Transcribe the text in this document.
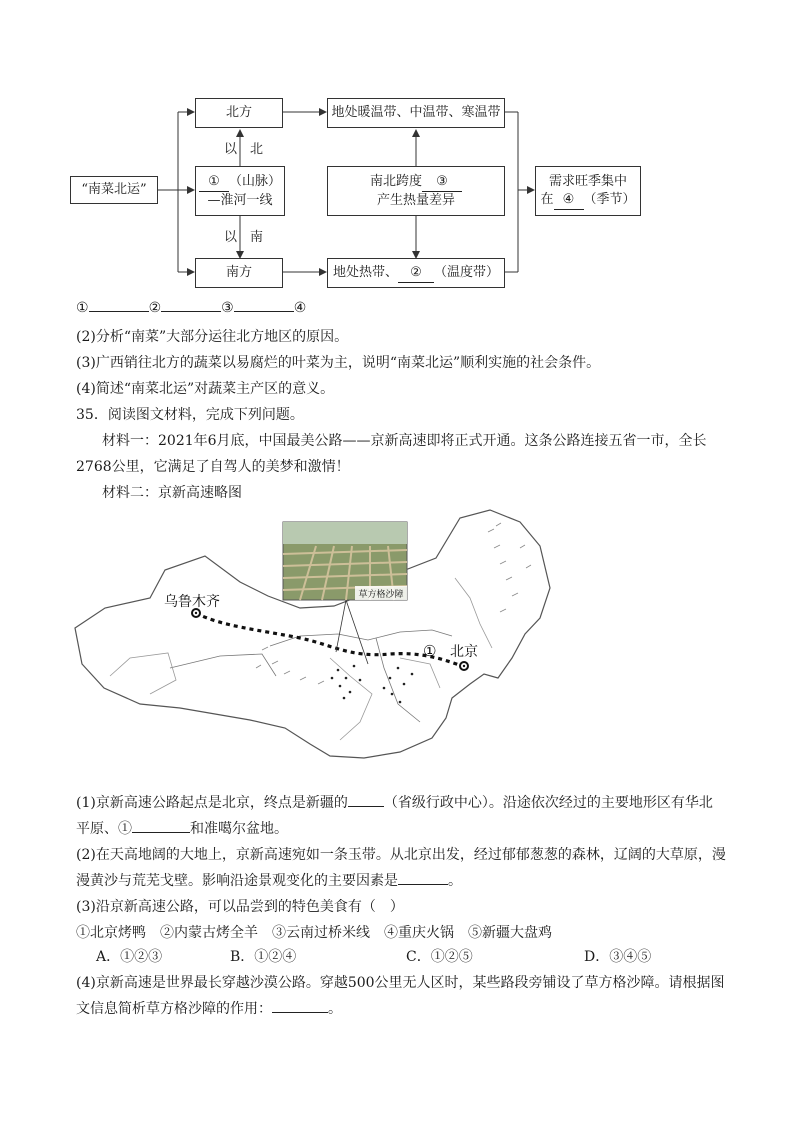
“南菜北运”
北方
① （山脉）
—淮河一线
以　北
以　南
南方
地处暖温带、中温带、寒温带
南北跨度 ③
产生热量差异
地处热带、 ② （温度带）
需求旺季集中
在 ④ （季节）
①	②	③	④
(2)分析“南菜”大部分运往北方地区的原因。
(3)广西销往北方的蔬菜以易腐烂的叶菜为主，说明“南菜北运”顺利实施的社会条件。
(4)简述“南菜北运”对蔬菜主产区的意义。
35．阅读图文材料，完成下列问题。
材料一：2021年6月底，中国最美公路——京新高速即将正式开通。这条公路连接五省一市，全长
2768公里，它满足了自驾人的美梦和激情！
材料二：京新高速略图
草方格沙障
乌鲁木齐
北京
①
(1)京新高速公路起点是北京，终点是新疆的	（省级行政中心）。沿途依次经过的主要地形区有华北
平原、①	和准噶尔盆地。
(2)在天高地阔的大地上，京新高速宛如一条玉带。从北京出发，经过郁郁葱葱的森林，辽阔的大草原，漫
漫黄沙与荒芜戈壁。影响沿途景观变化的主要因素是	。
(3)沿京新高速公路，可以品尝到的特色美食有（　）
①北京烤鸭　②内蒙古烤全羊　③云南过桥米线　④重庆火锅　⑤新疆大盘鸡
A．①②③	B．①②④	C．①②⑤	D．③④⑤
(4)京新高速是世界最长穿越沙漠公路。穿越500公里无人区时，某些路段旁铺设了草方格沙障。请根据图
文信息简析草方格沙障的作用：	。
